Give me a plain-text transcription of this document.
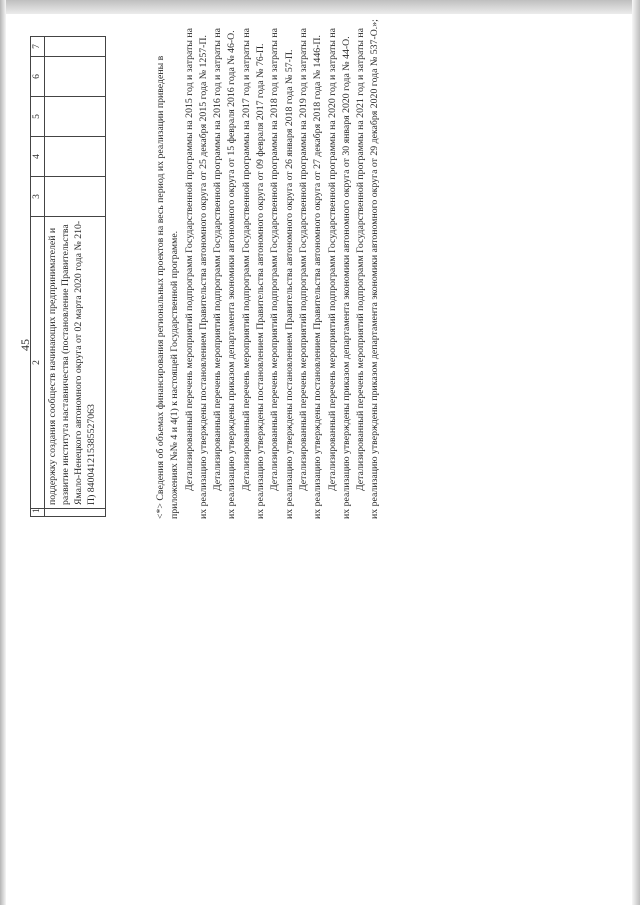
45
1	2	3	4	5	6	7
	поддержку создания сообществ начинающих предпринимателей и развитие института наставничества (постановление Правительства Ямало-Ненецкого автономного округа от 02 марта 2020 года № 210-П) 840041215385527063						<*> Сведения об объемах финансирования региональных проектов на весь период их реализации приведены в приложениях №№ 4 и 4(1) к настоящей Государственной программе. Детализированный перечень мероприятий подпрограмм Государственной программы на 2015 год и затраты на их реализацию утверждены постановлением Правительства автономного округа от 25 декабря 2015 года № 1257-П. Детализированный перечень мероприятий подпрограмм Государственной программы на 2016 год и затраты на их реализацию утверждены приказом департамента экономики автономного округа от 15 февраля 2016 года № 46-О. Детализированный перечень мероприятий подпрограмм Государственной программы на 2017 год и затраты на их реализацию утверждены постановлением Правительства автономного округа от 09 февраля 2017 года № 76-П. Детализированный перечень мероприятий подпрограмм Государственной программы на 2018 год и затраты на их реализацию утверждены постановлением Правительства автономного округа от 26 января 2018 года № 57-П. Детализированный перечень мероприятий подпрограмм Государственной программы на 2019 год и затраты на их реализацию утверждены постановлением Правительства автономного округа от 27 декабря 2018 года № 1446-П. Детализированный перечень мероприятий подпрограмм Государственной программы на 2020 год и затраты на их реализацию утверждены приказом департамента экономики автономного округа от 30 января 2020 года № 44-О. Детализированный перечень мероприятий подпрограмм Государственной программы на 2021 год и затраты на их реализацию утверждены приказом департамента экономики автономного округа от 29 декабря 2020 года № 537-О.»;
